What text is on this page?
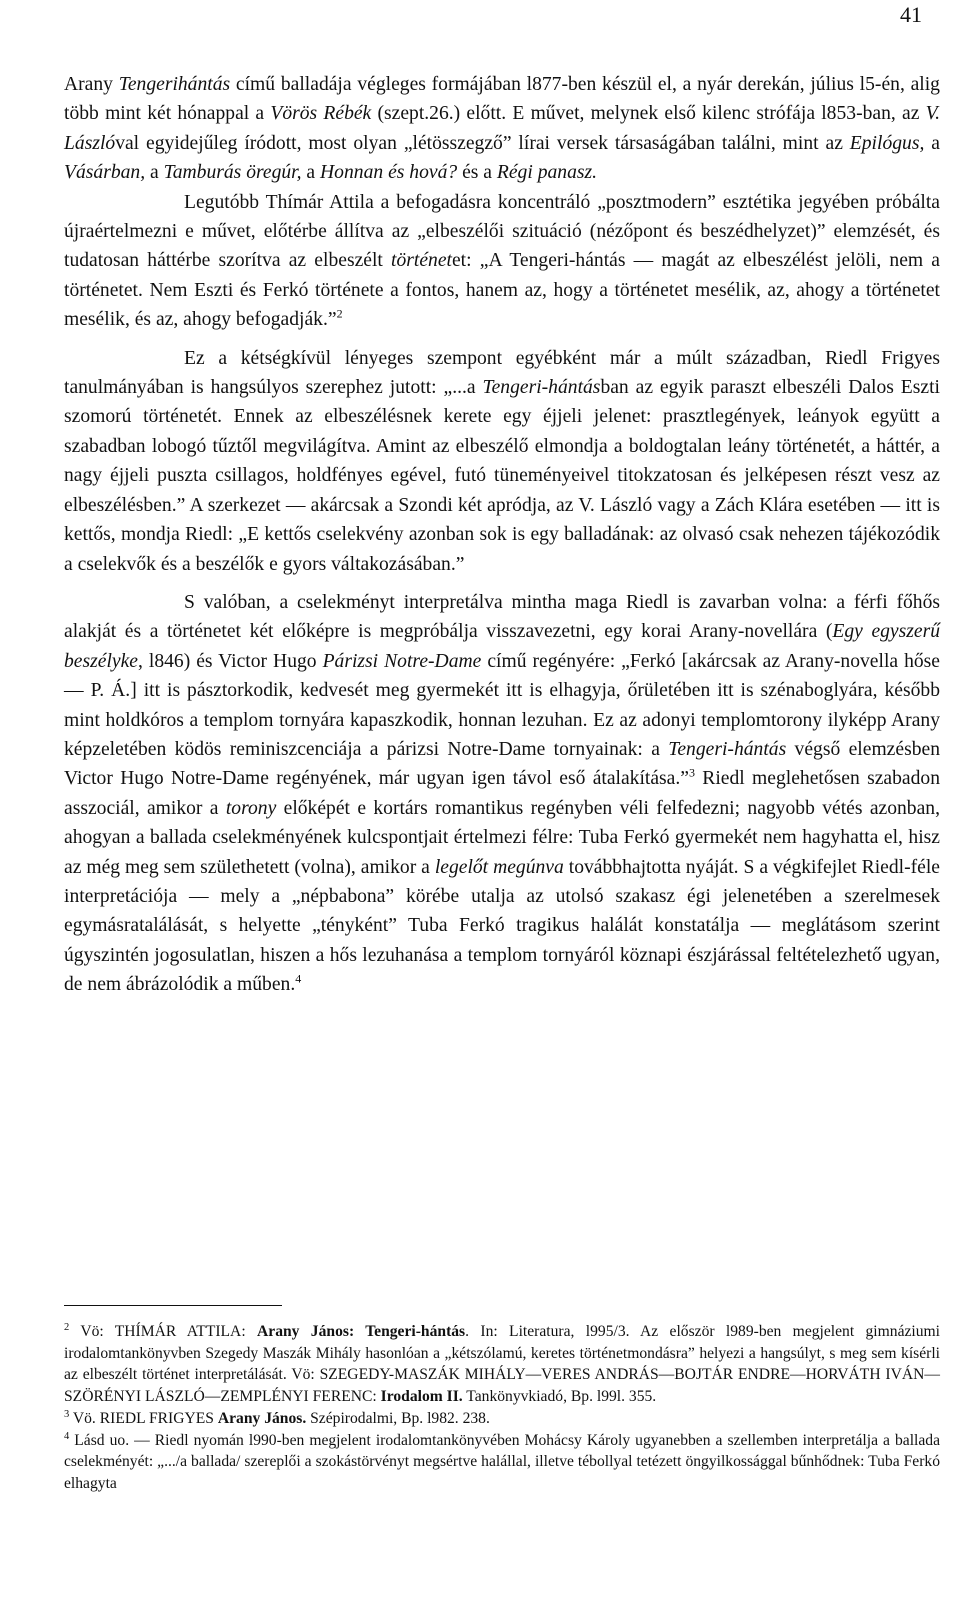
41

Arany Tengerihántás című balladája végleges formájában l877-ben készül el, a nyár derekán, július l5-én, alig több mint két hónappal a Vörös Rébék (szept.26.) előtt. E művet, melynek első kilenc strófája l853-ban, az V. Lászlóval egyidejűleg íródott, most olyan „létösszegző” lírai versek társaságában találni, mint az Epilógus, a Vásárban, a Tamburás öregúr, a Honnan és hová? és a Régi panasz.

Legutóbb Thímár Attila a befogadásra koncentráló „posztmodern” esztétika jegyében próbálta újraértelmezni e művet, előtérbe állítva az „elbeszélői szituáció (nézőpont és beszédhelyzet)” elemzését, és tudatosan háttérbe szorítva az elbeszélt történetet: „A Tengeri-hántás — magát az elbeszélést jelöli, nem a történetet. Nem Eszti és Ferkó története a fontos, hanem az, hogy a történetet mesélik, az, ahogy a történetet mesélik, és az, ahogy befogadják.”$^2$

Ez a kétségkívül lényeges szempont egyébként már a múlt században, Riedl Frigyes tanulmányában is hangsúlyos szerephez jutott: „...a Tengeri-hántásban az egyik paraszt elbeszéli Dalos Eszti szomorú történetét. Ennek az elbeszélésnek kerete egy éjjeli jelenet: prasztlegények, leányok együtt a szabadban lobogó tűztől megvilágítva. Amint az elbeszélő elmondja a boldogtalan leány történetét, a háttér, a nagy éjjeli puszta csillagos, holdfényes egével, futó tüneményeivel titokzatosan és jelképesen részt vesz az elbeszélésben.” A szerkezet — akárcsak a Szondi két apródja, az V. László vagy a Zách Klára esetében — itt is kettős, mondja Riedl: „E kettős cselekvény azonban sok is egy balladának: az olvasó csak nehezen tájékozódik a cselekvők és a beszélők e gyors váltakozásában.”

S valóban, a cselekményt interpretálva mintha maga Riedl is zavarban volna: a férfi főhős alakját és a történetet két előképre is megpróbálja visszavezetni, egy korai Arany-novellára (Egy egyszerű beszélyke, l846) és Victor Hugo Párizsi Notre-Dame című regényére: „Ferkó [akárcsak az Arany-novella hőse — P. Á.] itt is pásztorkodik, kedvesét meg gyermekét itt is elhagyja, őrületében itt is szénaboglyára, később mint holdkóros a templom tornyára kapaszkodik, honnan lezuhan. Ez az adonyi templomtorony ilyképp Arany képzeletében ködös reminiszcenciája a párizsi Notre-Dame tornyainak: a Tengeri-hántás végső elemzésben Victor Hugo Notre-Dame regényének, már ugyan igen távol eső átalakítása.”$^3$ Riedl meglehetősen szabadon asszociál, amikor a torony előképét e kortárs romantikus regényben véli felfedezni; nagyobb vétés azonban, ahogyan a ballada cselekményének kulcspontjait értelmezi félre: Tuba Ferkó gyermekét nem hagyhatta el, hisz az még meg sem születhetett (volna), amikor a legelőt megúnva továbbhajtotta nyáját. S a végkifejlet Riedl-féle interpretációja — mely a „népbabona” körébe utalja az utolsó szakasz égi jelenetében a szerelmesek egymásratalálását, s helyette „tényként” Tuba Ferkó tragikus halálát konstatálja — meglátásom szerint úgyszintén jogosulatlan, hiszen a hős lezuhanása a templom tornyáról köznapi észjárással feltételezhető ugyan, de nem ábrázolódik a műben.$^4$

$^2$ Vö: THÍMÁR ATTILA: Arany János: Tengeri-hántás. In: Literatura, l995/3. Az először l989-ben megjelent gimnáziumi irodalomtankönyvben Szegedy Maszák Mihály hasonlóan a „kétszólamú, keretes történetmondásra” helyezi a hangsúlyt, s meg sem kísérli az elbeszélt történet interpretálását. Vö: SZEGEDY-MASZÁK MIHÁLY—VERES ANDRÁS—BOJTÁR ENDRE—HORVÁTH IVÁN—SZÖRÉNYI LÁSZLÓ—ZEMPLÉNYI FERENC: Irodalom II. Tankönyvkiadó, Bp. l99l. 355.

$^3$ Vö. RIEDL FRIGYES Arany János. Szépirodalmi, Bp. l982. 238.

$^4$ Lásd uo. — Riedl nyomán l990-ben megjelent irodalomtankönyvében Mohácsy Károly ugyanebben a szellemben interpretálja a ballada cselekményét: „.../a ballada/ szereplői a szokástörvényt megsértve halállal, illetve tébollyal tetézett öngyilkossággal bűnhődnek: Tuba Ferkó elhagyta
